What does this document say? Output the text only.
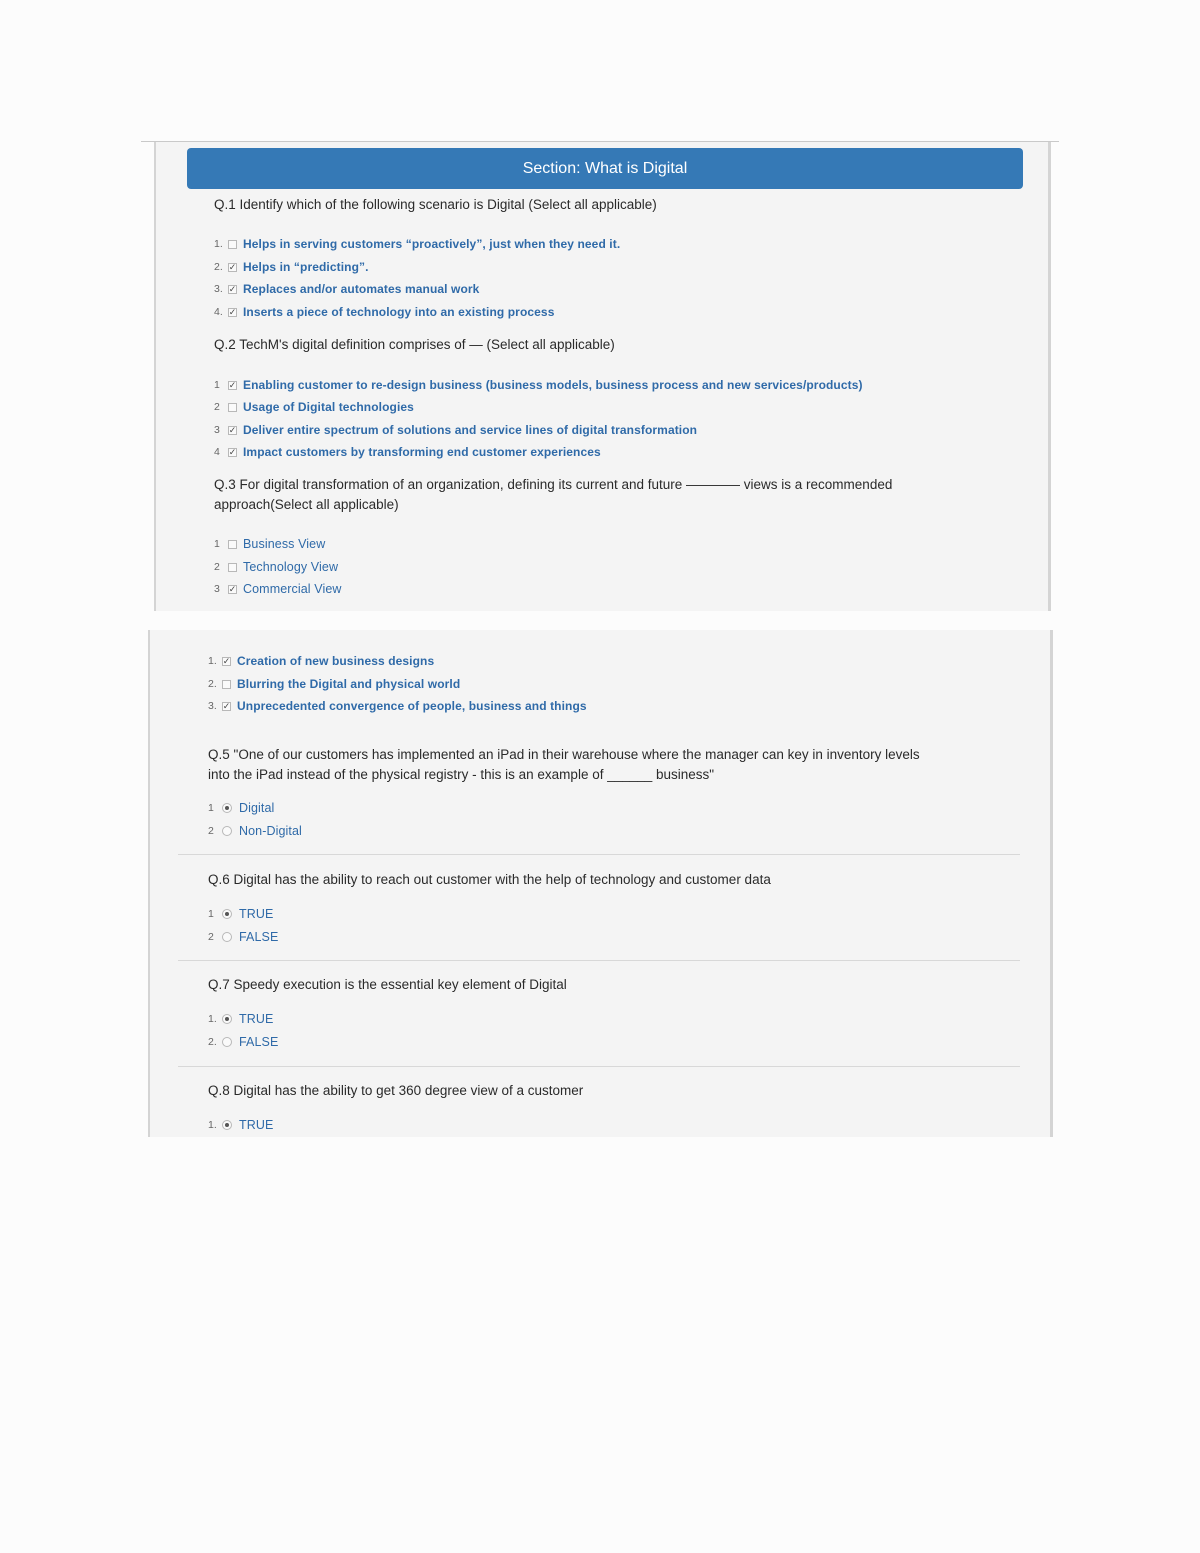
Section: What is Digital
Q.1 Identify which of the following scenario is Digital (Select all applicable)
1. Helps in serving customers “proactively”, just when they need it.
2. ✓ Helps in “predicting”.
3. ✓ Replaces and/or automates manual work
4. ✓ Inserts a piece of technology into an existing process
Q.2 TechM's digital definition comprises of — (Select all applicable)
1 ✓ Enabling customer to re-design business (business models, business process and new services/products)
2	Usage of Digital technologies
3 ✓ Deliver entire spectrum of solutions and service lines of digital transformation
4 ✓ Impact customers by transforming end customer experiences
Q.3 For digital transformation of an organization, defining its current and future ———— views is a recommended
approach(Select all applicable)
1	Business View
2	Technology View
3 ✓ Commercial View
1. ✓ Creation of new business designs
2. Blurring the Digital and physical world
3. ✓ Unprecedented convergence of people, business and things
Q.5 "One of our customers has implemented an iPad in their warehouse where the manager can key in inventory levels
into the iPad instead of the physical registry - this is an example of ______ business"
1	Digital
2	Non-Digital
Q.6 Digital has the ability to reach out customer with the help of technology and customer data
1	TRUE
2	FALSE
Q.7 Speedy execution is the essential key element of Digital
1. TRUE
2. FALSE
Q.8 Digital has the ability to get 360 degree view of a customer
1. TRUE
